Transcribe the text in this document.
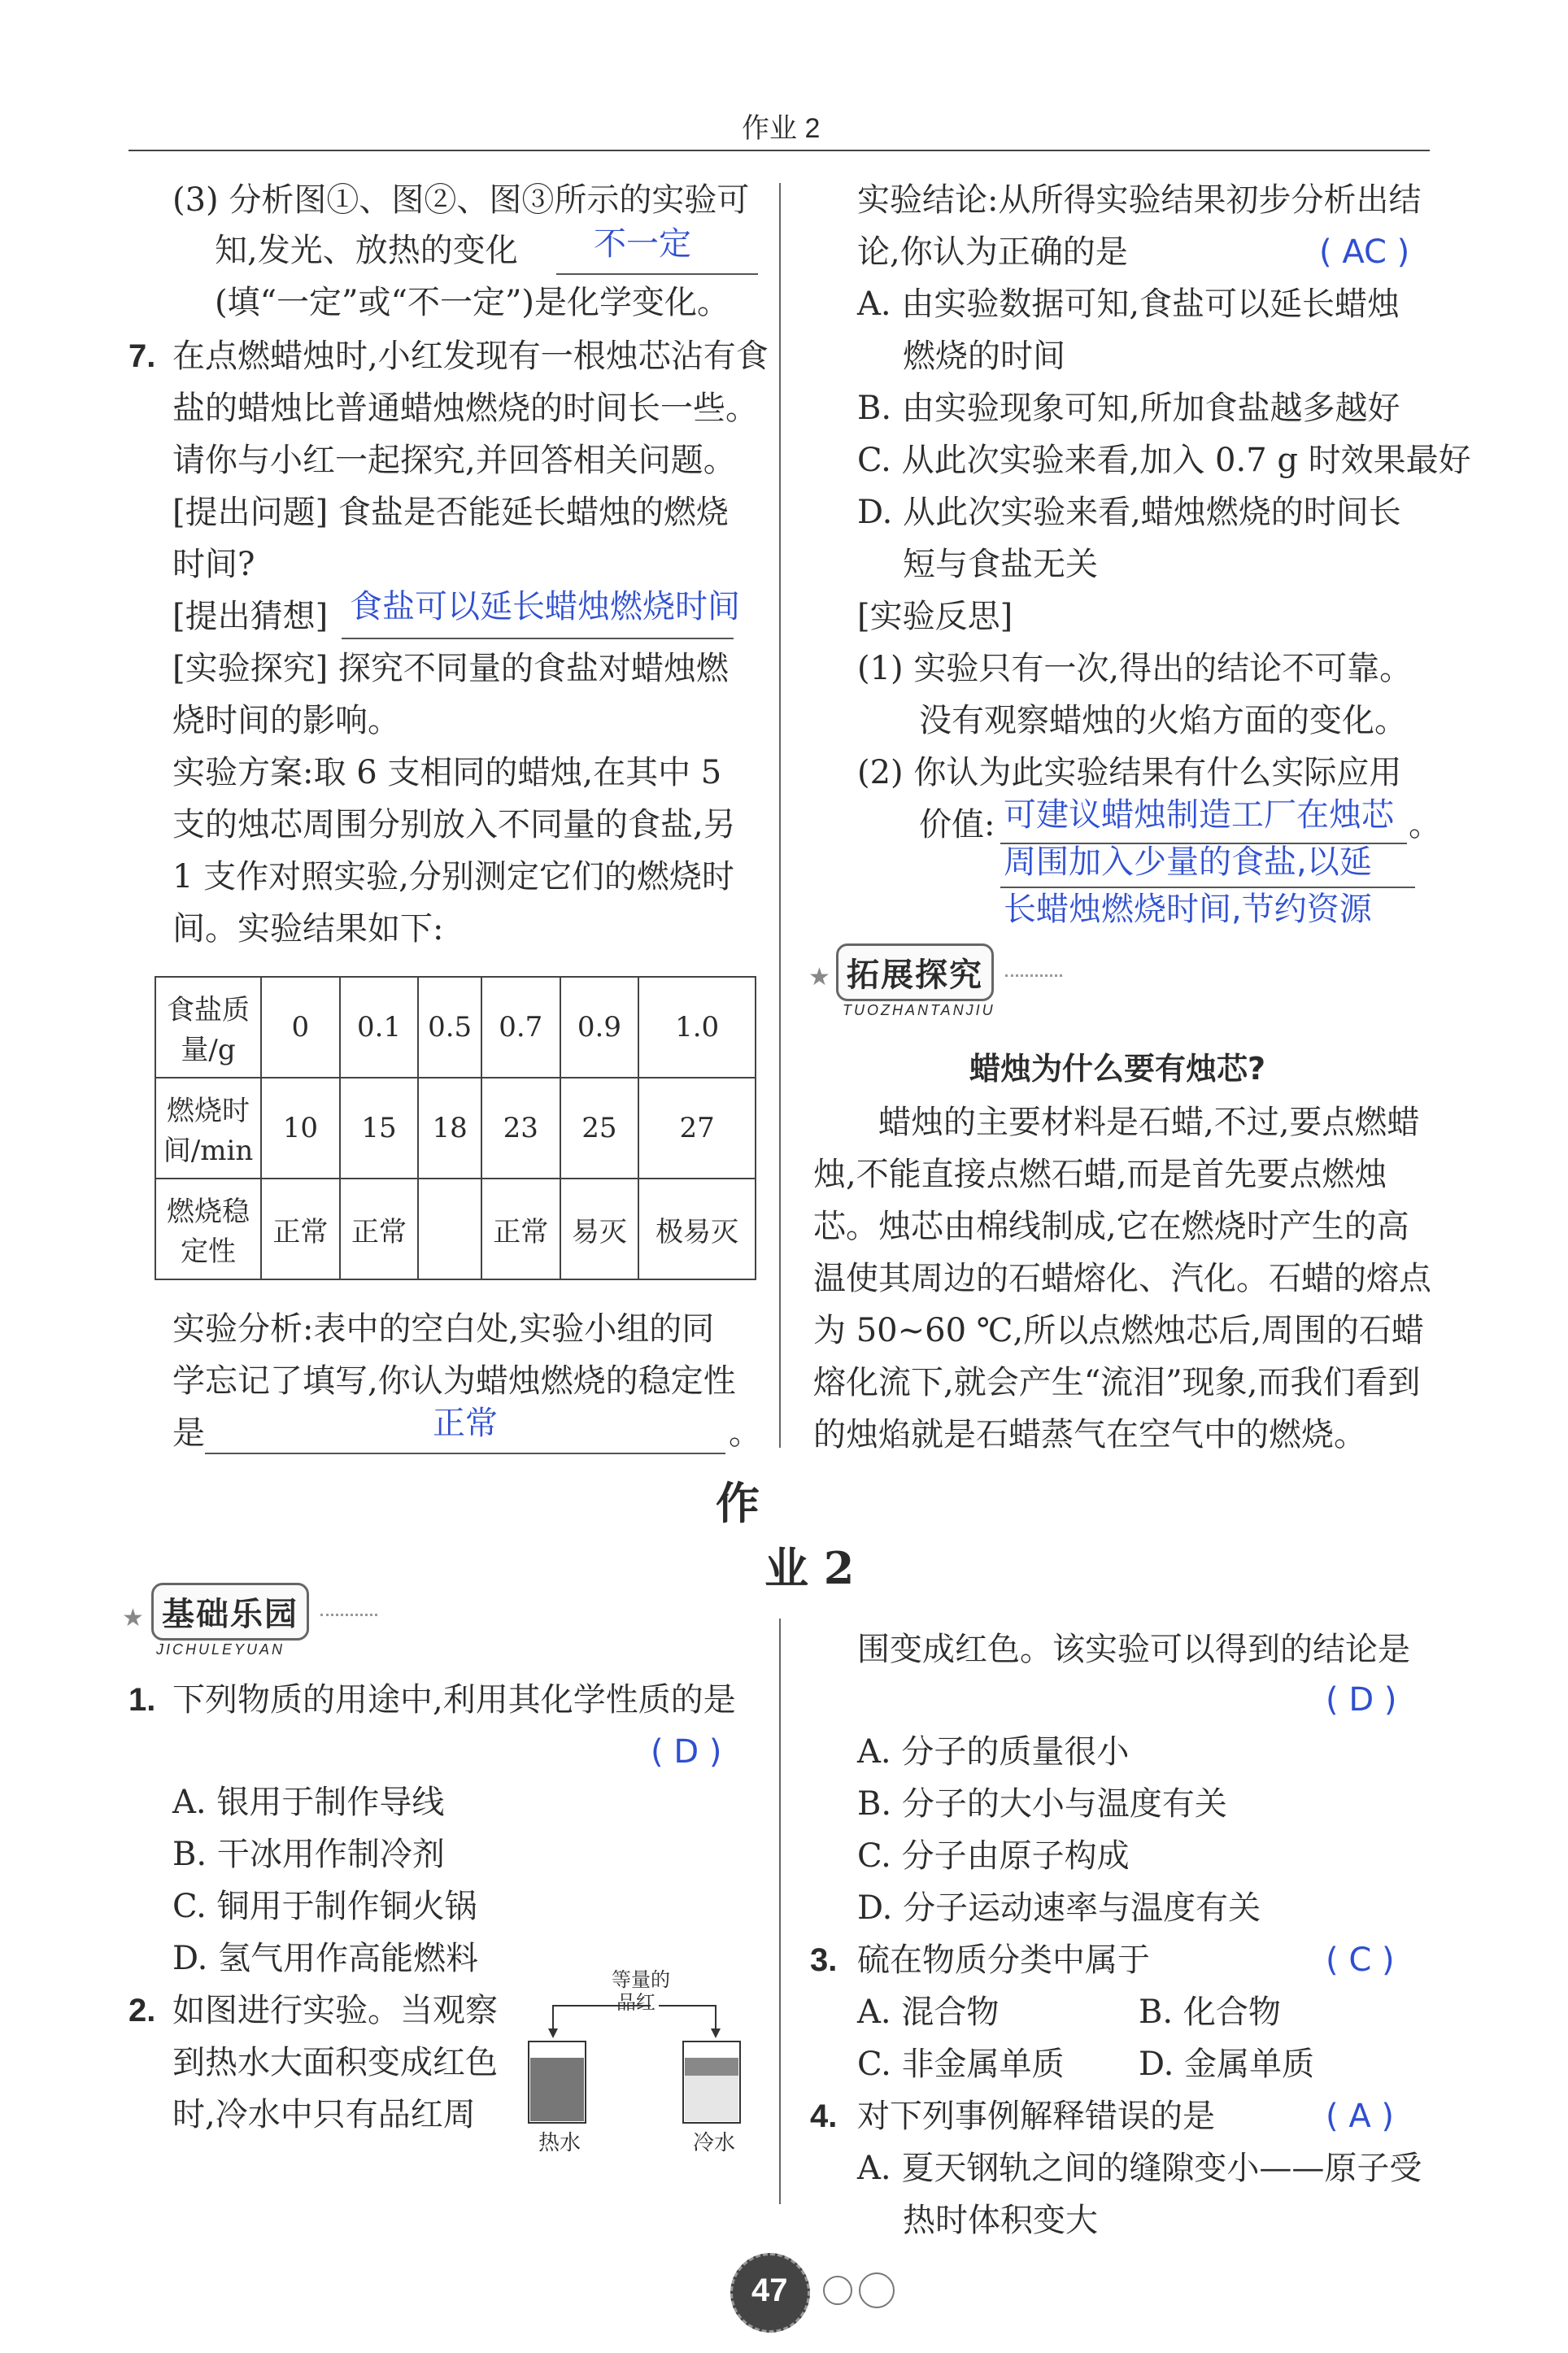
作业 2
(3) 分析图①、图②、图③所示的实验可
知,发光、放热的变化 不一定
(填“一定”或“不一定”)是化学变化。
7. 在点燃蜡烛时,小红发现有一根烛芯沾有食
盐的蜡烛比普通蜡烛燃烧的时间长一些。
请你与小红一起探究,并回答相关问题。
[提出问题] 食盐是否能延长蜡烛的燃烧
时间?
[提出猜想] 食盐可以延长蜡烛燃烧时间
[实验探究] 探究不同量的食盐对蜡烛燃
烧时间的影响。
实验方案:取 6 支相同的蜡烛,在其中 5
支的烛芯周围分别放入不同量的食盐,另
1 支作对照实验,分别测定它们的燃烧时
间。实验结果如下:
食盐质量/g	0	0.1	0.5	0.7	0.9	1.0
燃烧时间/min	10	15	18	23	25	27
燃烧稳定性	正常	正常		正常	易灭	极易灭
实验分析:表中的空白处,实验小组的同
学忘记了填写,你认为蜡烛燃烧的稳定性
是	正常	。
实验结论:从所得实验结果初步分析出结
论,你认为正确的是	( AC )
A. 由实验数据可知,食盐可以延长蜡烛
燃烧的时间
B. 由实验现象可知,所加食盐越多越好
C. 从此次实验来看,加入 0.7 g 时效果最好
D. 从此次实验来看,蜡烛燃烧的时间长
短与食盐无关
[实验反思]
(1) 实验只有一次,得出的结论不可靠。
没有观察蜡烛的火焰方面的变化。
(2) 你认为此实验结果有什么实际应用
价值: 可建议蜡烛制造工厂在烛芯 。
周围加入少量的食盐,以延
长蜡烛燃烧时间,节约资源
★ 拓展探究
TUOZHANTANJIU
蜡烛为什么要有烛芯?
蜡烛的主要材料是石蜡,不过,要点燃蜡
烛,不能直接点燃石蜡,而是首先要点燃烛
芯。烛芯由棉线制成,它在燃烧时产生的高
温使其周边的石蜡熔化、汽化。石蜡的熔点
为 50~60 ℃,所以点燃烛芯后,周围的石蜡
熔化流下,就会产生“流泪”现象,而我们看到
的烛焰就是石蜡蒸气在空气中的燃烧。
作
业 2
★ 基础乐园
JICHULEYUAN
1. 下列物质的用途中,利用其化学性质的是
( D )
A. 银用于制作导线
B. 干冰用作制冷剂
C. 铜用于制作铜火锅
D. 氢气用作高能燃料
2. 如图进行实验。当观察
到热水大面积变成红色
时,冷水中只有品红周
等量的
品红
热水	冷水
围变成红色。该实验可以得到的结论是
( D )
A. 分子的质量很小
B. 分子的大小与温度有关
C. 分子由原子构成
D. 分子运动速率与温度有关
3. 硫在物质分类中属于	( C )
A. 混合物	B. 化合物
C. 非金属单质 D. 金属单质
4. 对下列事例解释错误的是	( A )
A. 夏天钢轨之间的缝隙变小——原子受
热时体积变大
47
